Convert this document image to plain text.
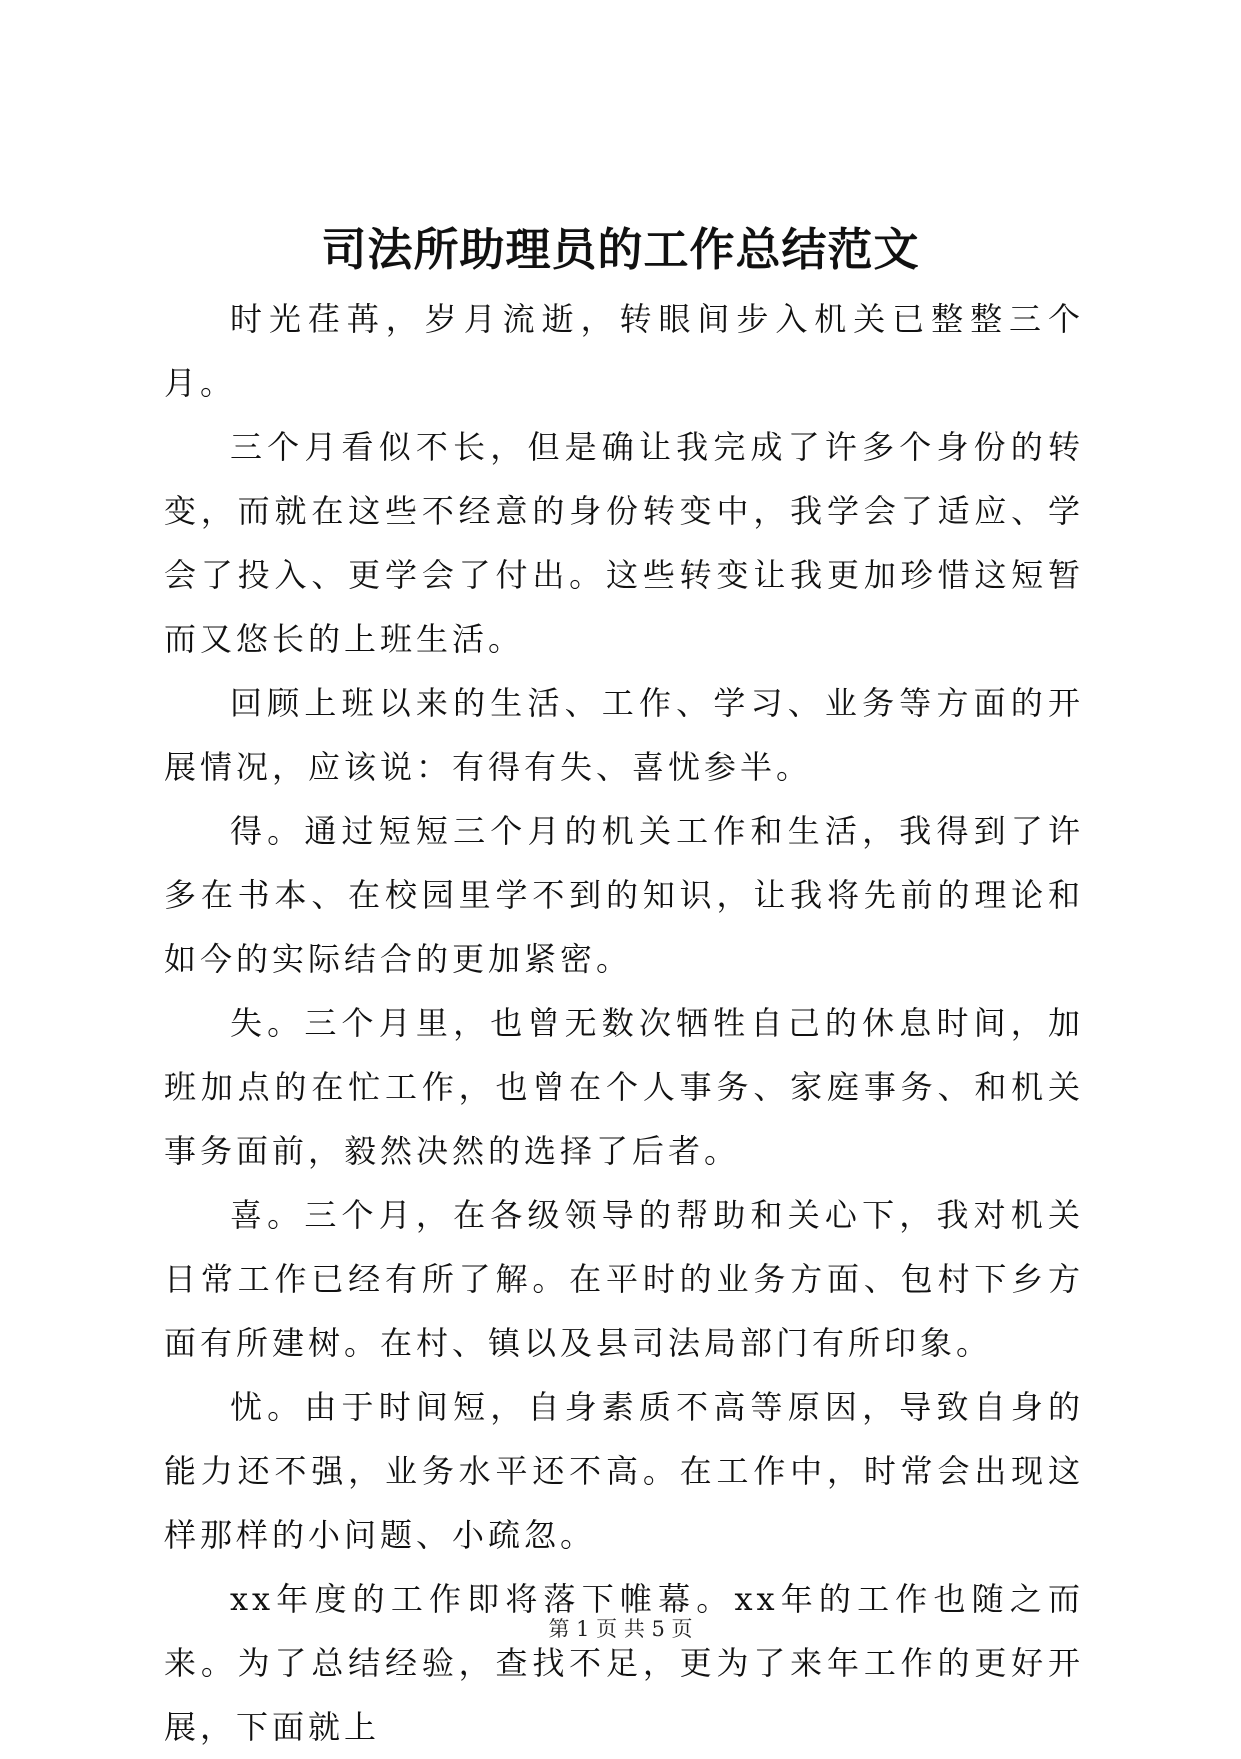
司法所助理员的工作总结范文

时光荏苒，岁月流逝，转眼间步入机关已整整三个月。

三个月看似不长，但是确让我完成了许多个身份的转变，而就在这些不经意的身份转变中，我学会了适应、学会了投入、更学会了付出。这些转变让我更加珍惜这短暂而又悠长的上班生活。

回顾上班以来的生活、工作、学习、业务等方面的开展情况，应该说：有得有失、喜忧参半。

得。通过短短三个月的机关工作和生活，我得到了许多在书本、在校园里学不到的知识，让我将先前的理论和如今的实际结合的更加紧密。

失。三个月里，也曾无数次牺牲自己的休息时间，加班加点的在忙工作，也曾在个人事务、家庭事务、和机关事务面前，毅然决然的选择了后者。

喜。三个月，在各级领导的帮助和关心下，我对机关日常工作已经有所了解。在平时的业务方面、包村下乡方面有所建树。在村、镇以及县司法局部门有所印象。

忧。由于时间短，自身素质不高等原因，导致自身的能力还不强，业务水平还不高。在工作中，时常会出现这样那样的小问题、小疏忽。

xx年度的工作即将落下帷幕。xx年的工作也随之而来。为了总结经验，查找不足，更为了来年工作的更好开展，下面就上

第 1 页 共 5 页
